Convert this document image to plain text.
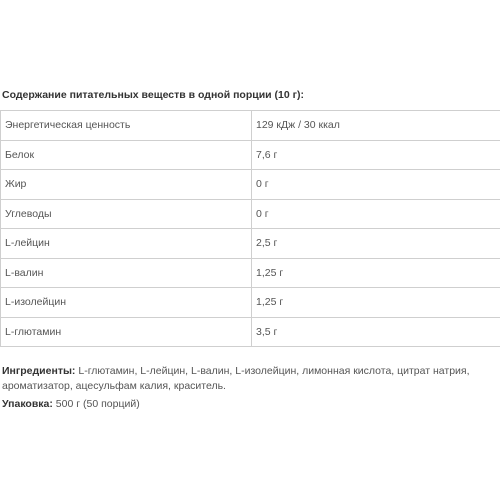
Содержание питательных веществ в одной порции (10 г):
Энергетическая ценность	129 кДж / 30 ккал
Белок	7,6 г
Жир	0 г
Углеводы	0 г
L-лейцин	2,5 г
L-валин	1,25 г
L-изолейцин	1,25 г
L-глютамин	3,5 г
Ингредиенты: L-глютамин, L-лейцин, L-валин, L-изолейцин, лимонная кислота, цитрат натрия, ароматизатор, ацесульфам калия, краситель.
Упаковка: 500 г (50 порций)
